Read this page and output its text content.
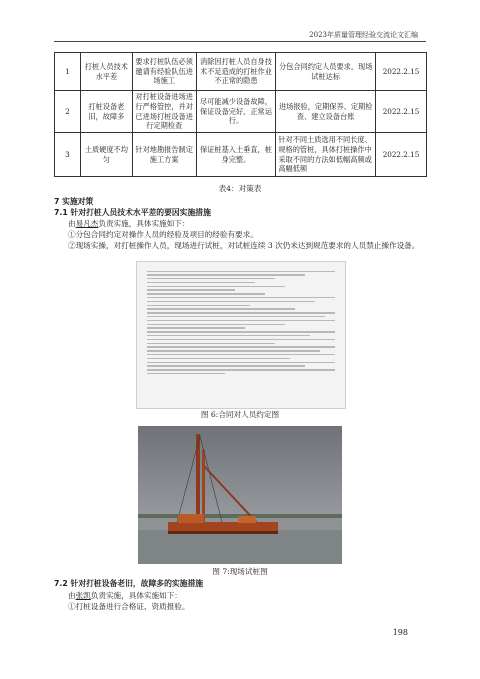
2023年质量管理经验交流论文汇编
1	打桩人员技术水平差	要求打桩队伍必须邀请有经验队伍进场施工	消除因打桩人员自身技术不足造成的打桩作业不正常的隐患	分包合同约定人员要求，现场试桩达标	2022.2.15
2	打桩设备老旧，故障多	对打桩设备进场进行严格管控，并对已进场打桩设备进行定期检查	尽可能减少设备故障，保证设备完好、正常运行。	进场报验，定期保养、定期检查、建立设备台账	2022.2.15
3	土质硬度不均匀	针对地勘报告制定施工方案	保证桩基入土垂直，桩身完整。	针对不同土质选用不同长度、规格的管桩，具体打桩操作中采取不同的方法如低幅高频或高幅低频	2022.2.15
表4：对策表
7 实施对策
7.1 针对打桩人员技术水平差的要因实施措施
由易凡杰负责实施，具体实施如下：
①分包合同约定对操作人员的经验及项目的经验有要求。
②现场实操，对打桩操作人员，现场进行试桩，对试桩连续 3 次仍未达到规范要求的人员禁止操作设备。
图 6:合同对人员约定图
图 7:现场试桩图
7.2 针对打桩设备老旧，故障多的实施措施
由张凯负责实施，具体实施如下：
①打桩设备进行合格证、资质报验。
198
